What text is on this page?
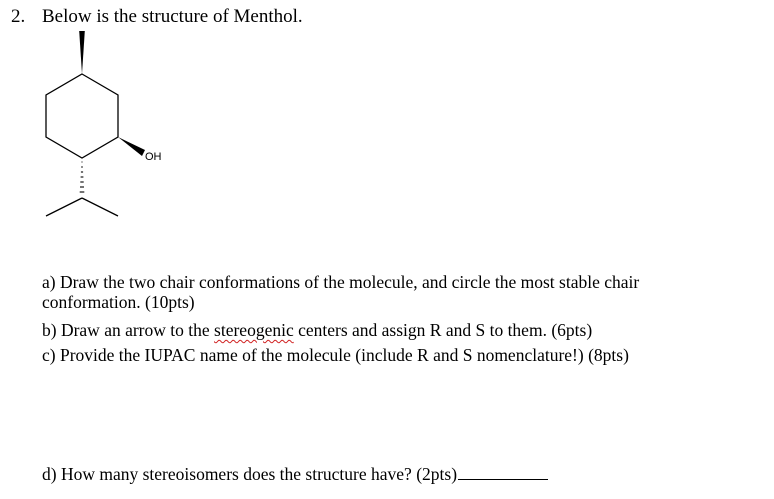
2. Below is the structure of Menthol.
OH
a) Draw the two chair conformations of the molecule, and circle the most stable chair
conformation. (10pts)
b) Draw an arrow to the stereogenic centers and assign R and S to them. (6pts)
c) Provide the IUPAC name of the molecule (include R and S nomenclature!) (8pts)
d) How many stereoisomers does the structure have? (2pts)
